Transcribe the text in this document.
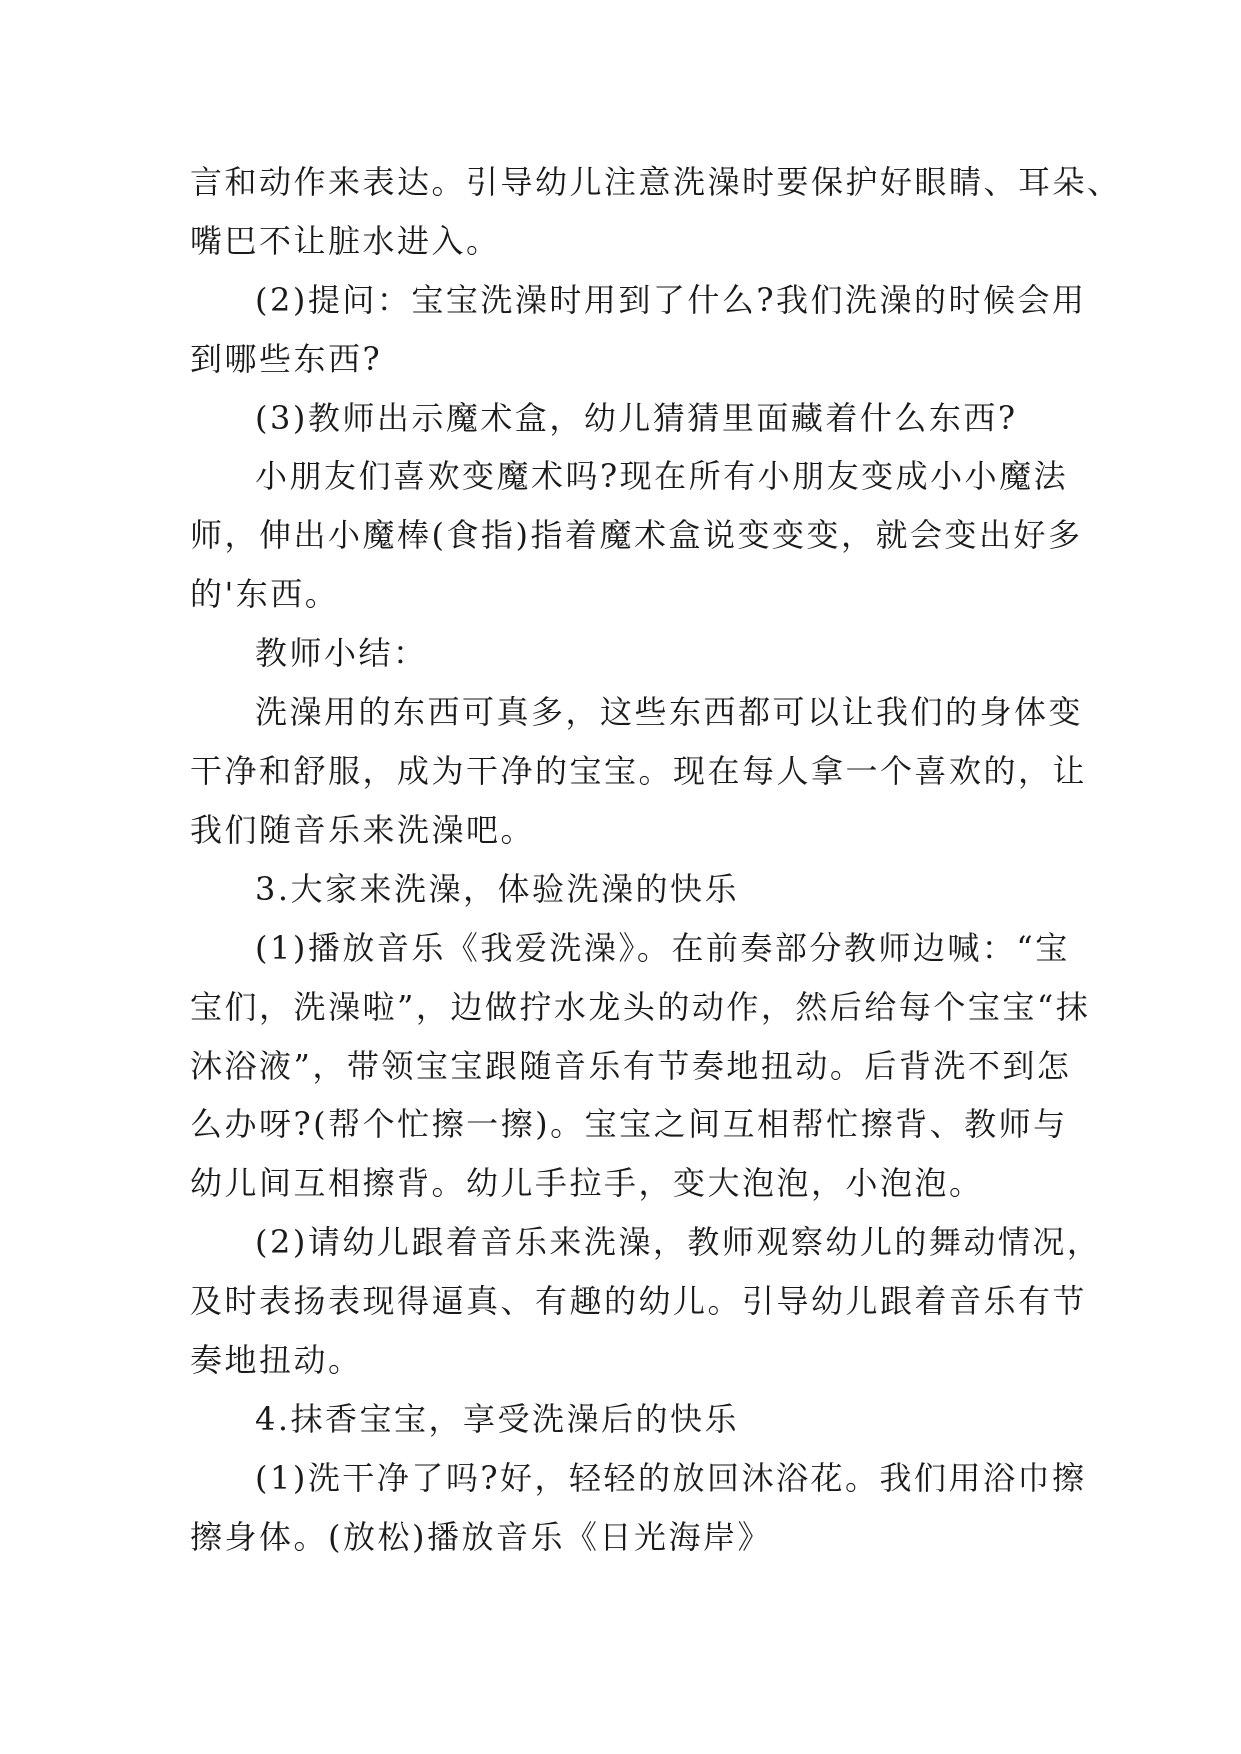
言和动作来表达。引导幼儿注意洗澡时要保护好眼睛、耳朵、
嘴巴不让脏水进入。
(2)提问：宝宝洗澡时用到了什么?我们洗澡的时候会用
到哪些东西?
(3)教师出示魔术盒，幼儿猜猜里面藏着什么东西?
小朋友们喜欢变魔术吗?现在所有小朋友变成小小魔法
师，伸出小魔棒(食指)指着魔术盒说变变变，就会变出好多
的'东西。
教师小结：
洗澡用的东西可真多，这些东西都可以让我们的身体变
干净和舒服，成为干净的宝宝。现在每人拿一个喜欢的，让
我们随音乐来洗澡吧。
3.大家来洗澡，体验洗澡的快乐
(1)播放音乐《我爱洗澡》。在前奏部分教师边喊：“宝
宝们，洗澡啦”，边做拧水龙头的动作，然后给每个宝宝“抹
沐浴液”，带领宝宝跟随音乐有节奏地扭动。后背洗不到怎
么办呀?(帮个忙擦一擦)。宝宝之间互相帮忙擦背、教师与
幼儿间互相擦背。幼儿手拉手，变大泡泡，小泡泡。
(2)请幼儿跟着音乐来洗澡，教师观察幼儿的舞动情况，
及时表扬表现得逼真、有趣的幼儿。引导幼儿跟着音乐有节
奏地扭动。
4.抹香宝宝，享受洗澡后的快乐
(1)洗干净了吗?好，轻轻的放回沐浴花。我们用浴巾擦
擦身体。(放松)播放音乐《日光海岸》
